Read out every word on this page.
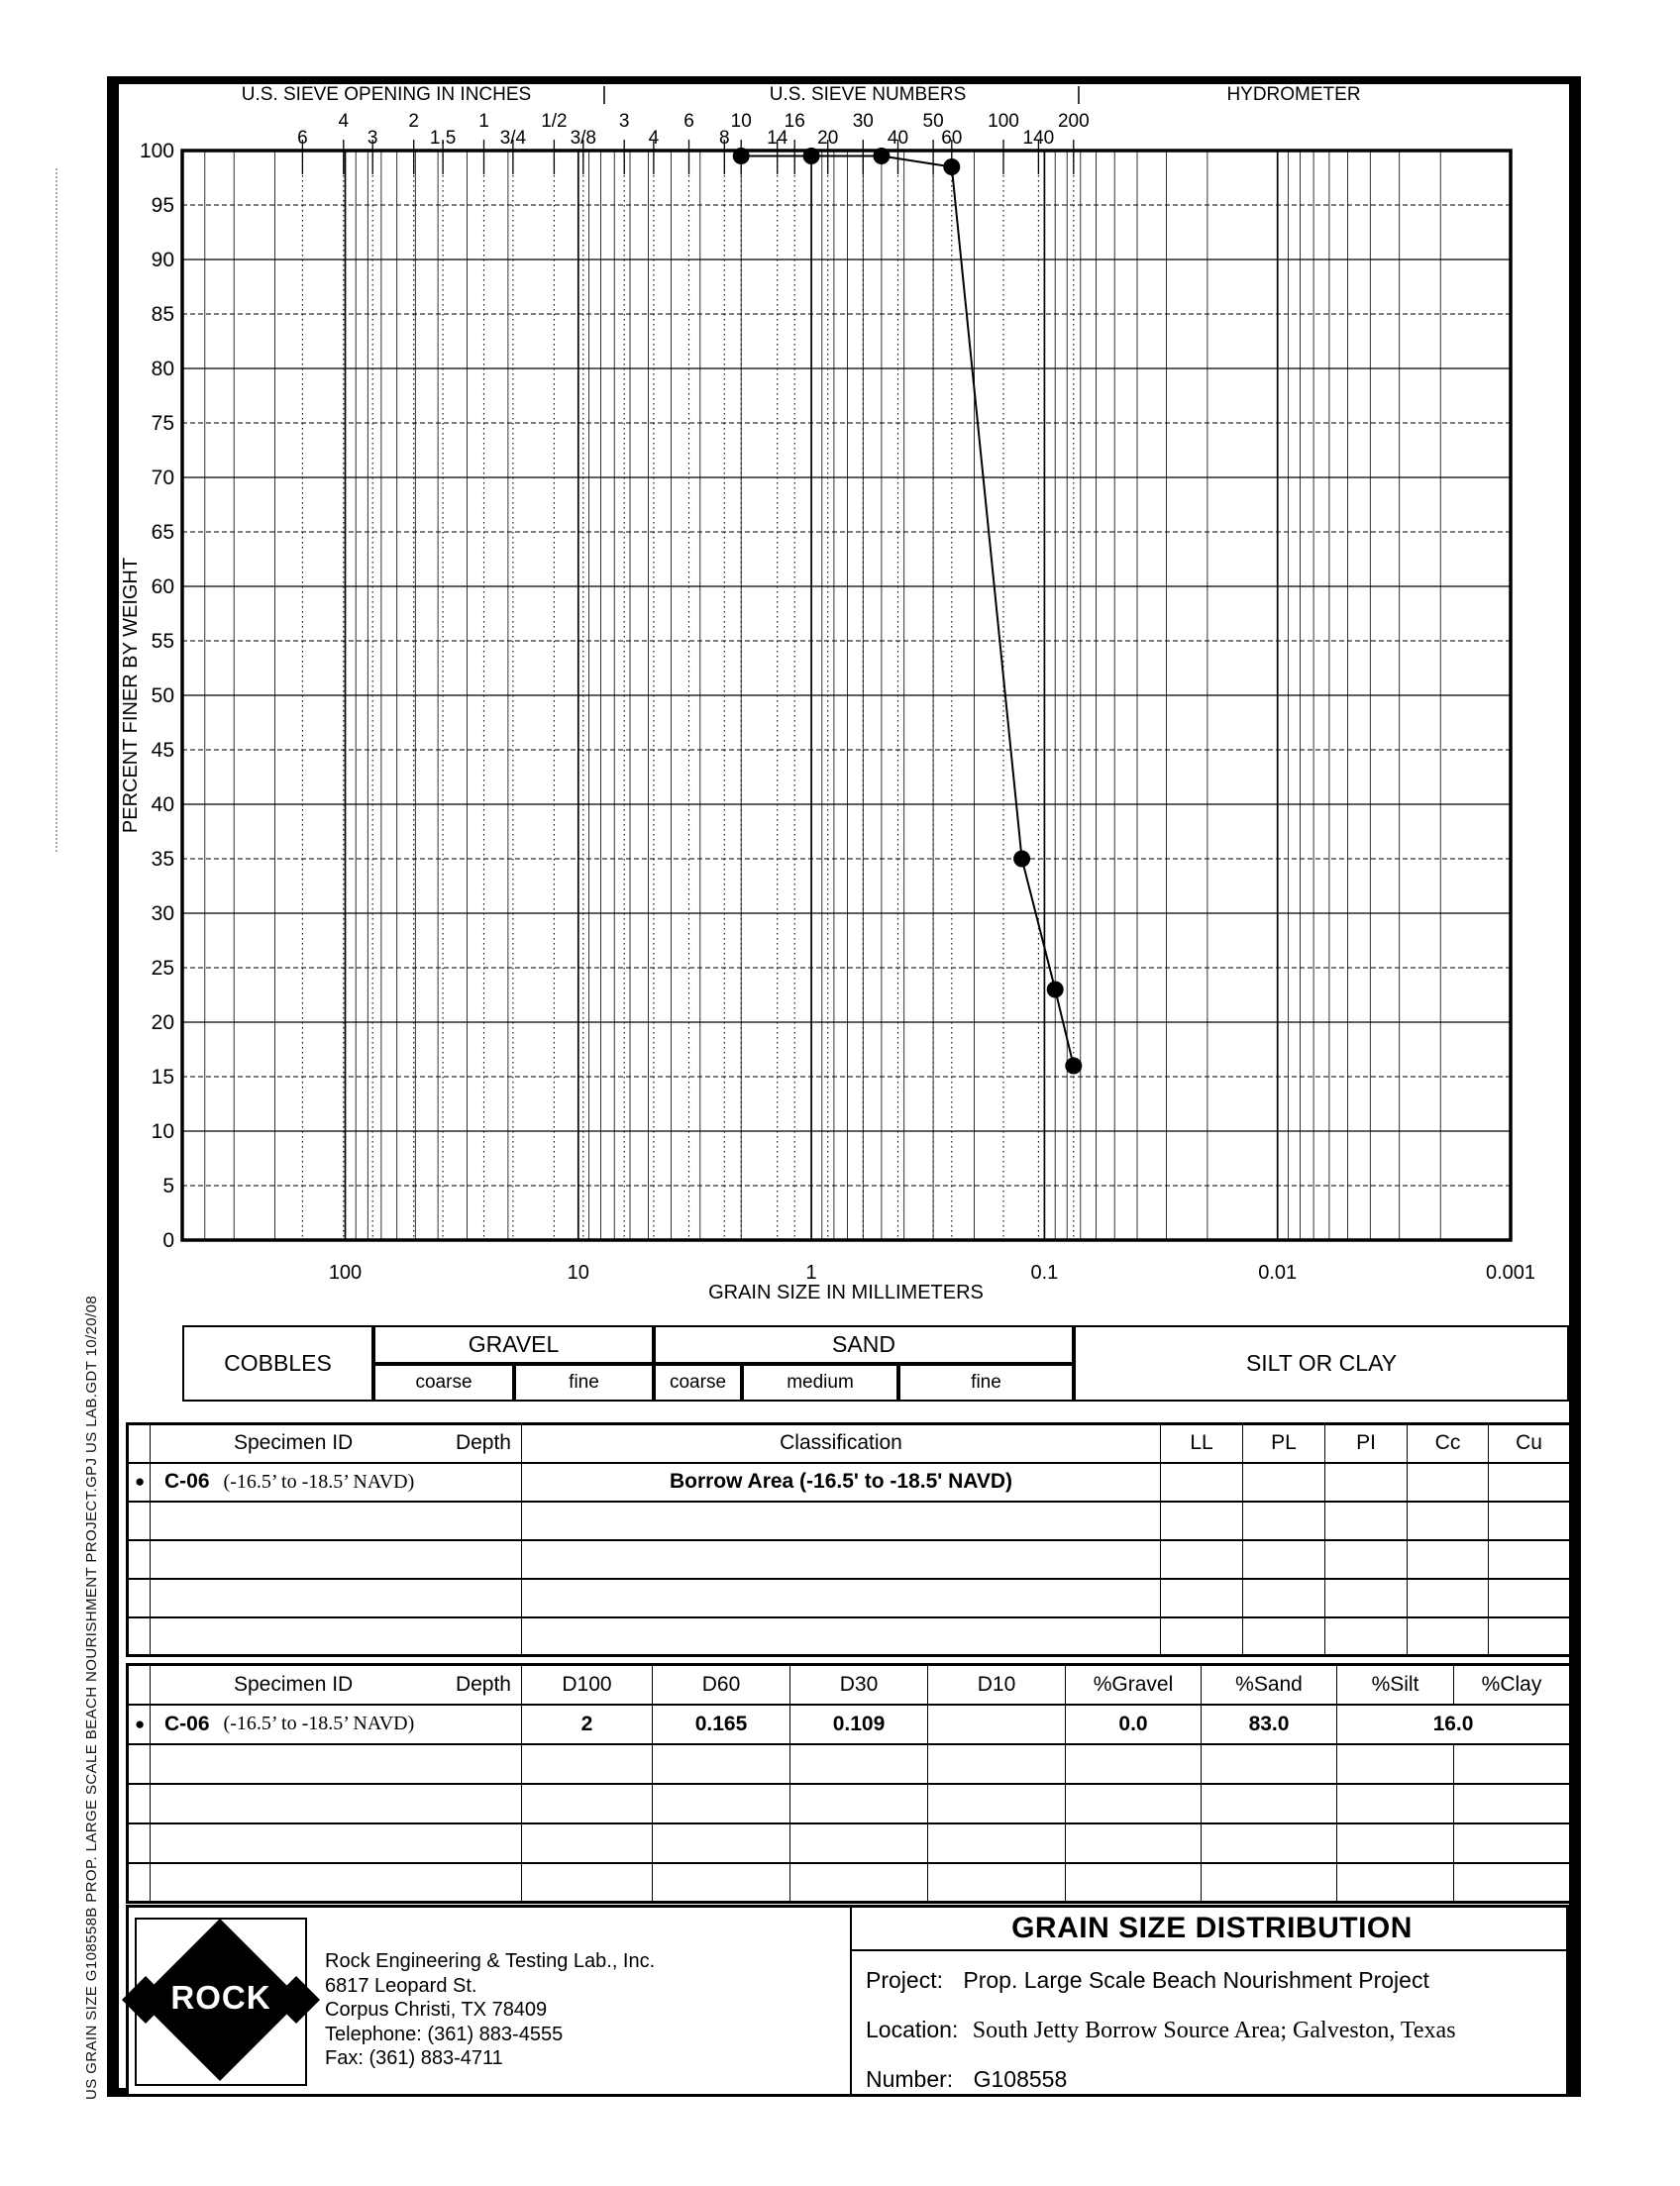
6
4
3
2
1.5
1
3/4
1/2
3/8
3
4
6
8
10
14
16
20
30
40
50
60
100
140
200
0
5
10
15
20
25
30
35
40
45
50
55
60
65
70
75
80
85
90
95
100
100	10	1	0.1	0.01	0.001
U.S. SIEVE OPENING IN INCHES	|	U.S. SIEVE NUMBERS	|	HYDROMETER
GRAIN SIZE IN MILLIMETERS
PERCENT FINER BY WEIGHT
US GRAIN SIZE G108558B PROP. LARGE SCALE BEACH NOURISHMENT PROJECT.GPJ US LAB.GDT 10/20/08	COBBLES
GRAVEL
coarse	fine
SAND
coarse	medium	fine
SILT OR CLAY

	Specimen ID Depth	Classification	LL	PL	PI	Cc	Cu
●	C-06 (-16.5’ to -18.5’ NAVD)	Borrow Area (-16.5' to -18.5' NAVD)					

	Specimen ID Depth	D100	D60	D30	D10	%Gravel	%Sand	%Silt	%Clay
●	C-06 (-16.5’ to -18.5’ NAVD)	2	0.165	0.109		0.0	83.0	16.0	

ROCK
Rock Engineering & Testing Lab., Inc.
6817 Leopard St.
Corpus Christi, TX 78409
Telephone: (361) 883-4555
Fax: (361) 883-4711
GRAIN SIZE DISTRIBUTION
Project: Prop. Large Scale Beach Nourishment Project
Location: South Jetty Borrow Source Area; Galveston, Texas
Number: G108558
